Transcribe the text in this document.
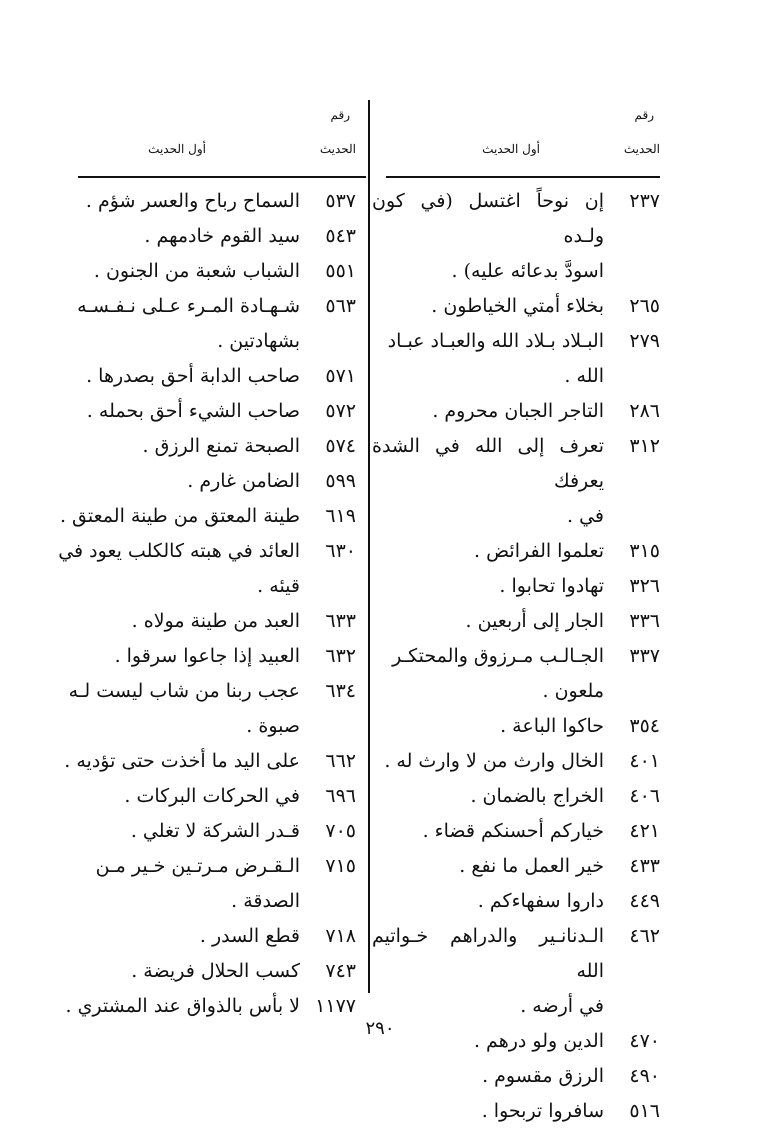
رقم
الحديث
أول الحديث
٢٣٧
إن نوحاً اغتسل (في كون ولـده
اسودَّ بدعائه عليه) .
٢٦٥
بخلاء أمتي الخياطون .
٢٧٩
البـلاد بـلاد الله والعبـاد عبـاد
الله .
٢٨٦
التاجر الجبان محروم .
٣١٢
تعرف إلى الله في الشدة يعرفك
في .
٣١٥
تعلموا الفرائض .
٣٢٦
تهادوا تحابوا .
٣٣٦
الجار إلى أربعين .
٣٣٧
الجـالـب مـرزوق والمحتكـر
ملعون .
٣٥٤
حاكوا الباعة .
٤٠١
الخال وارث من لا وارث له .
٤٠٦
الخراج بالضمان .
٤٢١
خياركم أحسنكم قضاء .
٤٣٣
خير العمل ما نفع .
٤٤٩
داروا سفهاءكم .
٤٦٢
الـدنانـير والدراهم خـواتيم الله
في أرضه .
٤٧٠
الدين ولو درهم .
٤٩٠
الرزق مقسوم .
٥١٦
سافروا تربحوا .
رقم
الحديث
أول الحديث
٥٣٧
السماح رباح والعسر شؤم .
٥٤٣
سيد القوم خادمهم .
٥٥١
الشباب شعبة من الجنون .
٥٦٣
شـهـادة المـرء عـلى نـفـسـه
بشهادتين .
٥٧١
صاحب الدابة أحق بصدرها .
٥٧٢
صاحب الشيء أحق بحمله .
٥٧٤
الصبحة تمنع الرزق .
٥٩٩
الضامن غارم .
٦١٩
طينة المعتق من طينة المعتق .
٦٣٠
العائد في هبته كالكلب يعود في
قيئه .
٦٣٣
العبد من طينة مولاه .
٦٣٢
العبيد إذا جاعوا سرقوا .
٦٣٤
عجب ربنا من شاب ليست لـه
صبوة .
٦٦٢
على اليد ما أخذت حتى تؤديه .
٦٩٦
في الحركات البركات .
٧٠٥
قـدر الشركة لا تغلي .
٧١٥
الـقـرض مـرتـين خـير مـن
الصدقة .
٧١٨
قطع السدر .
٧٤٣
كسب الحلال فريضة .
١١٧٧
لا بأس بالذواق عند المشتري .
٢٩٠
